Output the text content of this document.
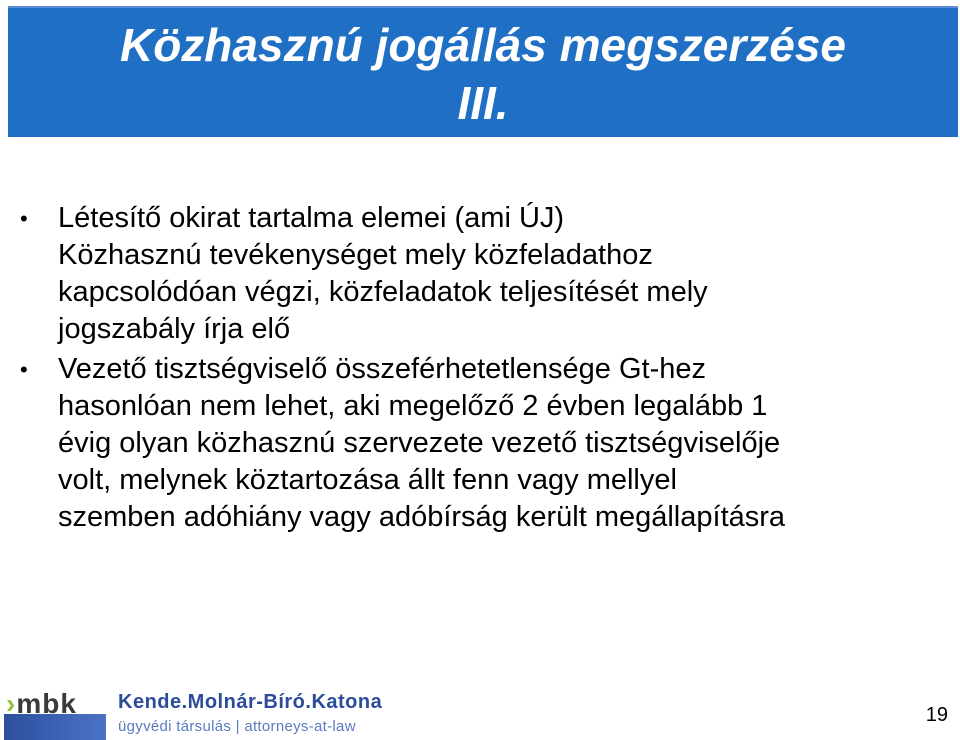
Közhasznú jogállás megszerzése
III.
• Létesítő okirat tartalma elemei (ami ÚJ)
Közhasznú tevékenységet mely közfeladathoz
kapcsolódóan végzi, közfeladatok teljesítését mely
jogszabály írja elő
• Vezető tisztségviselő összeférhetetlensége Gt-hez
hasonlóan nem lehet, aki megelőző 2 évben legalább 1
évig olyan közhasznú szervezete vezető tisztségviselője
volt, melynek köztartozása állt fenn vagy mellyel
szemben adóhiány vagy adóbírság került megállapításra
›mbk Kende.Molnár-Bíró.Katona
ügyvédi társulás | attorneys-at-law
19
